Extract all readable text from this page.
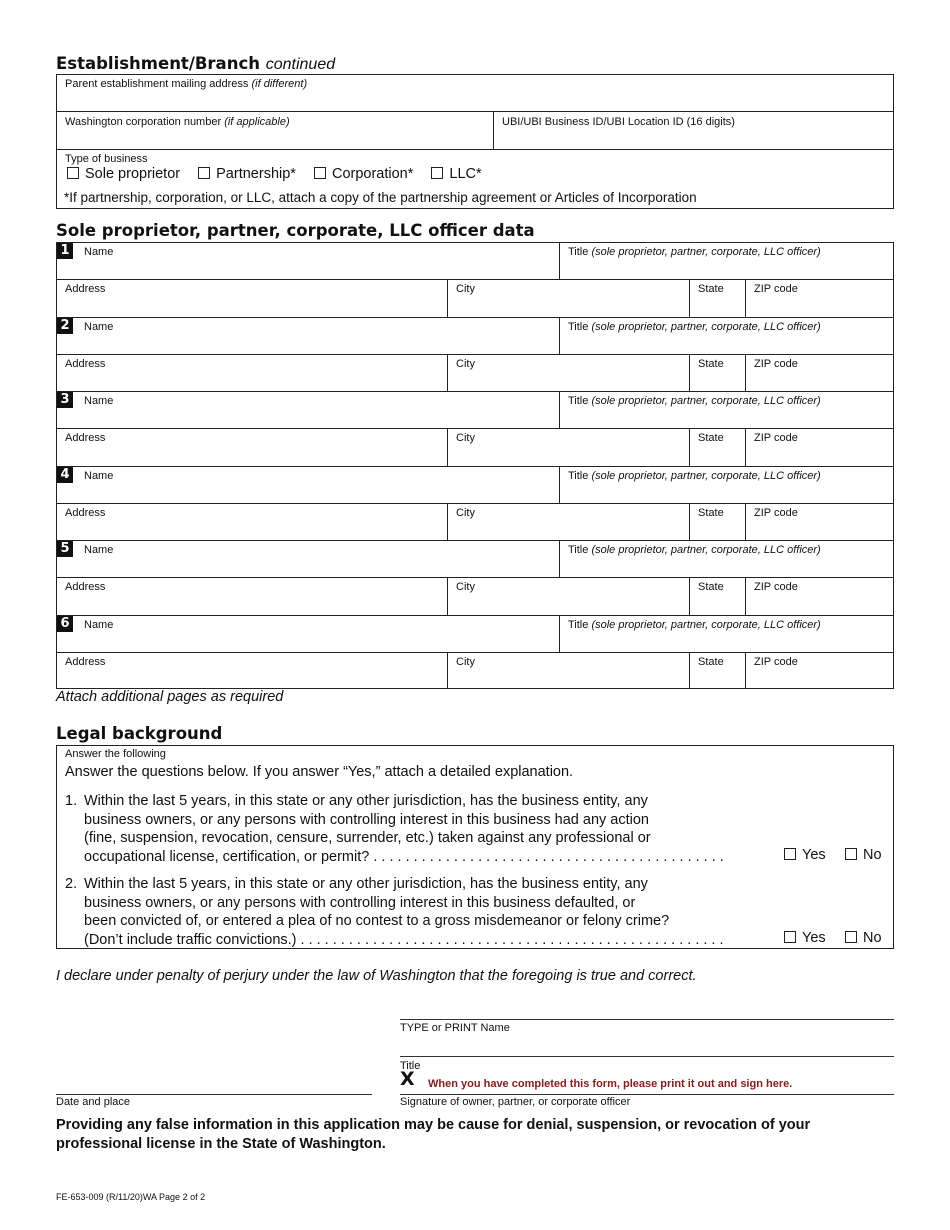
Establishment/Branch continued
Parent establishment mailing address (if different)
Washington corporation number (if applicable)	UBI/UBI Business ID/UBI Location ID (16 digits)
Type of business
Sole proprietor Partnership* Corporation* LLC*
*If partnership, corporation, or LLC, attach a copy of the partnership agreement or Articles of Incorporation
Sole proprietor, partner, corporate, LLC officer data
1	Name	Title (sole proprietor, partner, corporate, LLC officer)
Address	City	State	ZIP code
2	Name	Title (sole proprietor, partner, corporate, LLC officer)
Address	City	State	ZIP code
3	Name	Title (sole proprietor, partner, corporate, LLC officer)
Address	City	State	ZIP code
4	Name	Title (sole proprietor, partner, corporate, LLC officer)
Address	City	State	ZIP code
5	Name	Title (sole proprietor, partner, corporate, LLC officer)
Address	City	State	ZIP code
6	Name	Title (sole proprietor, partner, corporate, LLC officer)
Address	City	State	ZIP code
Attach additional pages as required
Legal background
Answer the following
Answer the questions below. If you answer “Yes,” attach a detailed explanation.
1. Within the last 5 years, in this state or any other jurisdiction, has the business entity, any
business owners, or any persons with controlling interest in this business had any action
(fine, suspension, revocation, censure, surrender, etc.) taken against any professional or
occupational license, certification, or permit? . . . . . . . . . . . . . . . . . . . . . . . . . . . . . . . . . . . . . . . . . . . .	Yes	No
2. Within the last 5 years, in this state or any other jurisdiction, has the business entity, any
business owners, or any persons with controlling interest in this business defaulted, or
been convicted of, or entered a plea of no contest to a gross misdemeanor or felony crime?
(Don’t include traffic convictions.) . . . . . . . . . . . . . . . . . . . . . . . . . . . . . . . . . . . . . . . . . . . . . . . . . . . . .	Yes	No
I declare under penalty of perjury under the law of Washington that the foregoing is true and correct.
TYPE or PRINT Name
Title
X When you have completed this form, please print it out and sign here.
Date and place	Signature of owner, partner, or corporate officer
Providing any false information in this application may be cause for denial, suspension, or revocation of your
professional license in the State of Washington.
FE-653-009 (R/11/20)WA Page 2 of 2
